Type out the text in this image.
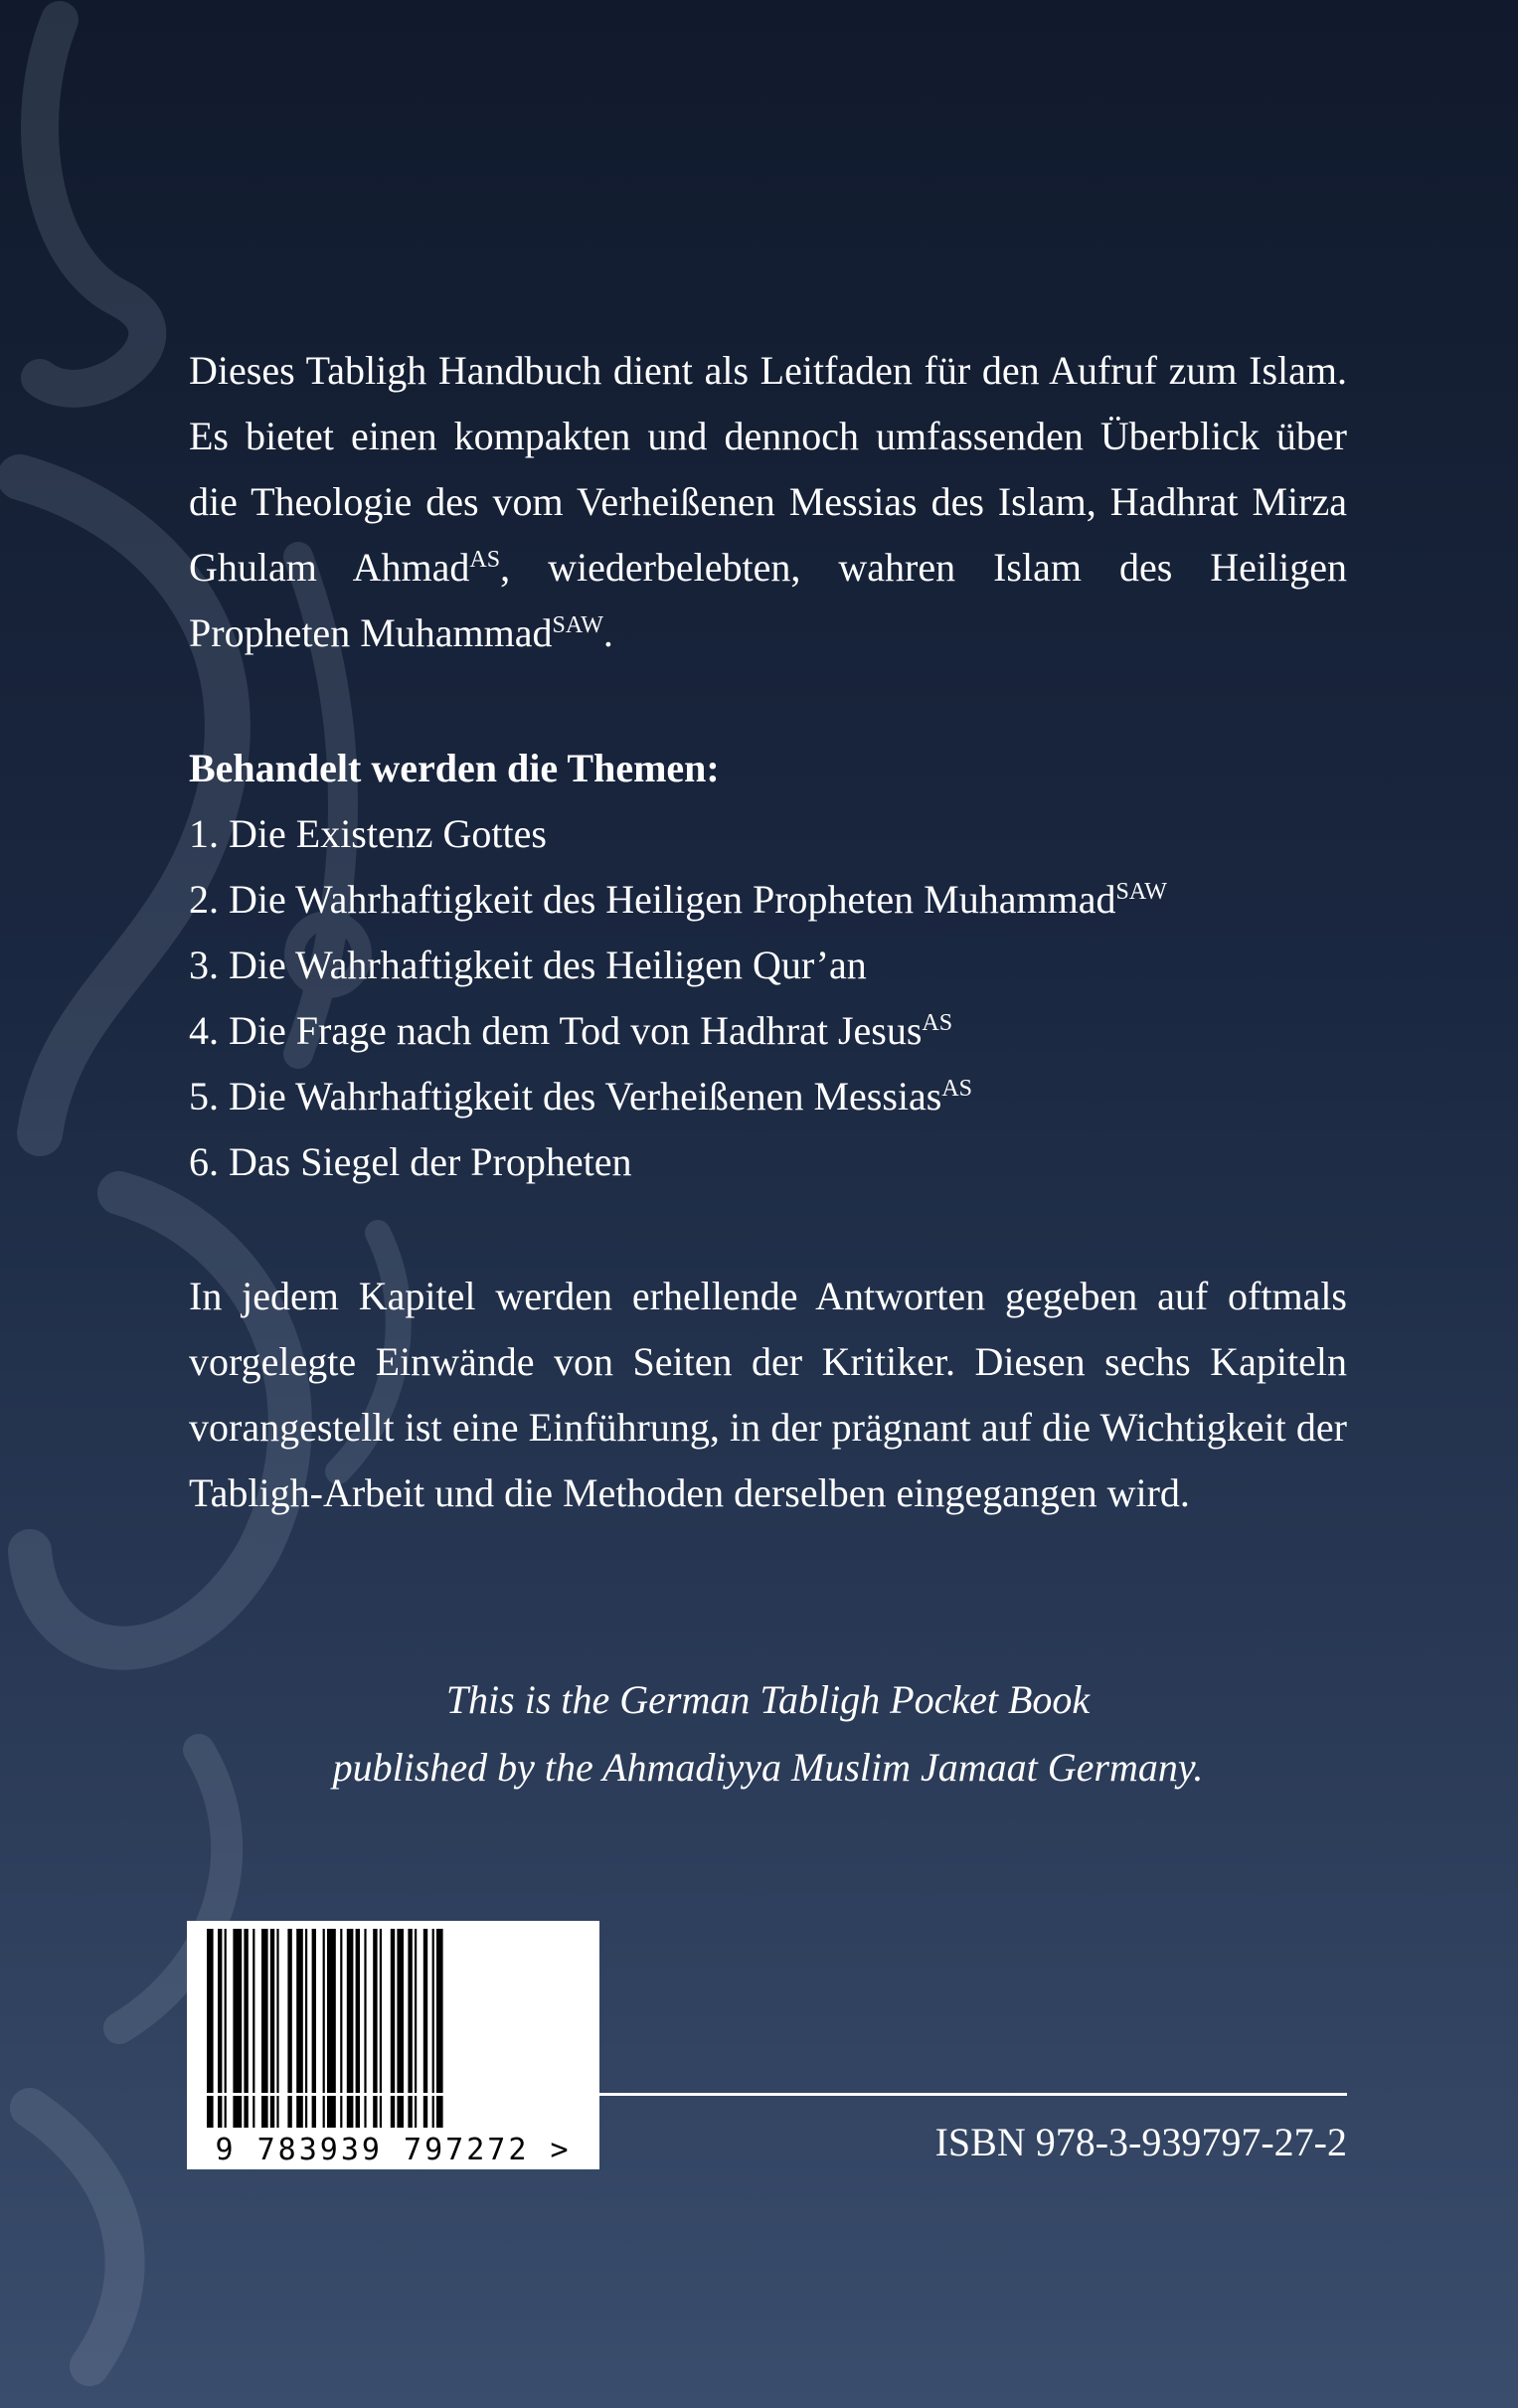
Dieses Tabligh Handbuch dient als Leitfaden für den Aufruf zum Islam. Es bietet einen kompakten und dennoch umfassenden Überblick über die Theologie des vom Verheißenen Messias des Islam, Hadhrat Mirza Ghulam Ahmad$^{AS}$, wiederbelebten, wahren Islam des Heiligen Propheten Muhammad$^{SAW}$.
Behandelt werden die Themen:
1. Die Existenz Gottes
2. Die Wahrhaftigkeit des Heiligen Propheten Muhammad$^{SAW}$
3. Die Wahrhaftigkeit des Heiligen Qur’an
4. Die Frage nach dem Tod von Hadhrat Jesus$^{AS}$
5. Die Wahrhaftigkeit des Verheißenen Messias$^{AS}$
6. Das Siegel der Propheten
In jedem Kapitel werden erhellende Antworten gegeben auf oftmals vorgelegte Einwände von Seiten der Kritiker. Diesen sechs Kapiteln vorangestellt ist eine Einführung, in der prägnant auf die Wichtigkeit der Tabligh-Arbeit und die Methoden derselben eingegangen wird.
This is the German Tabligh Pocket Book
published by the Ahmadiyya Muslim Jamaat Germany.
9 783939 797272 >	ISBN 978-3-939797-27-2
